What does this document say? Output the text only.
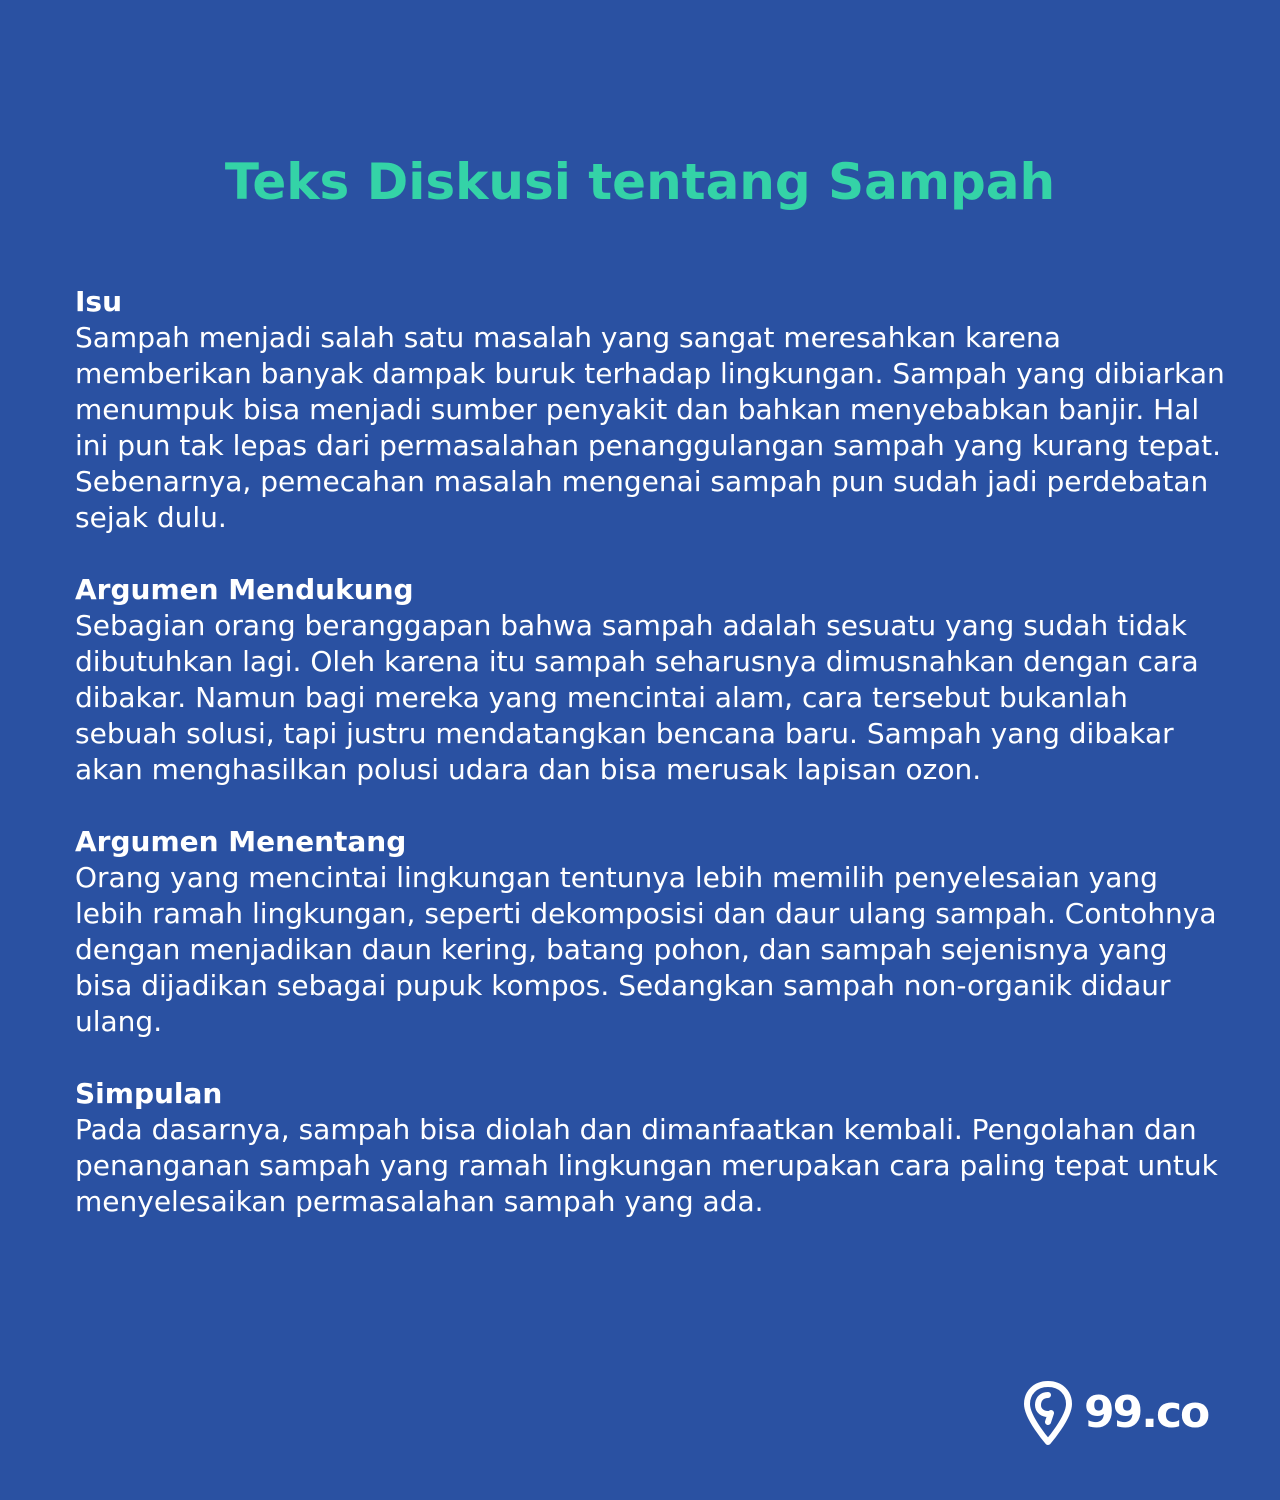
Teks Diskusi tentang Sampah
Isu

Sampah menjadi salah satu masalah yang sangat meresahkan karena memberikan banyak dampak buruk terhadap lingkungan. Sampah yang dibiarkan menumpuk bisa menjadi sumber penyakit dan bahkan menyebabkan banjir. Hal ini pun tak lepas dari permasalahan penanggulangan sampah yang kurang tepat. Sebenarnya, pemecahan masalah mengenai sampah pun sudah jadi perdebatan sejak dulu.

Argumen Mendukung

Sebagian orang beranggapan bahwa sampah adalah sesuatu yang sudah tidak dibutuhkan lagi. Oleh karena itu sampah seharusnya dimusnahkan dengan cara dibakar. Namun bagi mereka yang mencintai alam, cara tersebut bukanlah sebuah solusi, tapi justru mendatangkan bencana baru. Sampah yang dibakar akan menghasilkan polusi udara dan bisa merusak lapisan ozon.

Argumen Menentang

Orang yang mencintai lingkungan tentunya lebih memilih penyelesaian yang lebih ramah lingkungan, seperti dekomposisi dan daur ulang sampah. Contohnya dengan menjadikan daun kering, batang pohon, dan sampah sejenisnya yang bisa dijadikan sebagai pupuk kompos. Sedangkan sampah non-organik didaur ulang.

Simpulan

Pada dasarnya, sampah bisa diolah dan dimanfaatkan kembali. Pengolahan dan penanganan sampah yang ramah lingkungan merupakan cara paling tepat untuk menyelesaikan permasalahan sampah yang ada.

99.co
